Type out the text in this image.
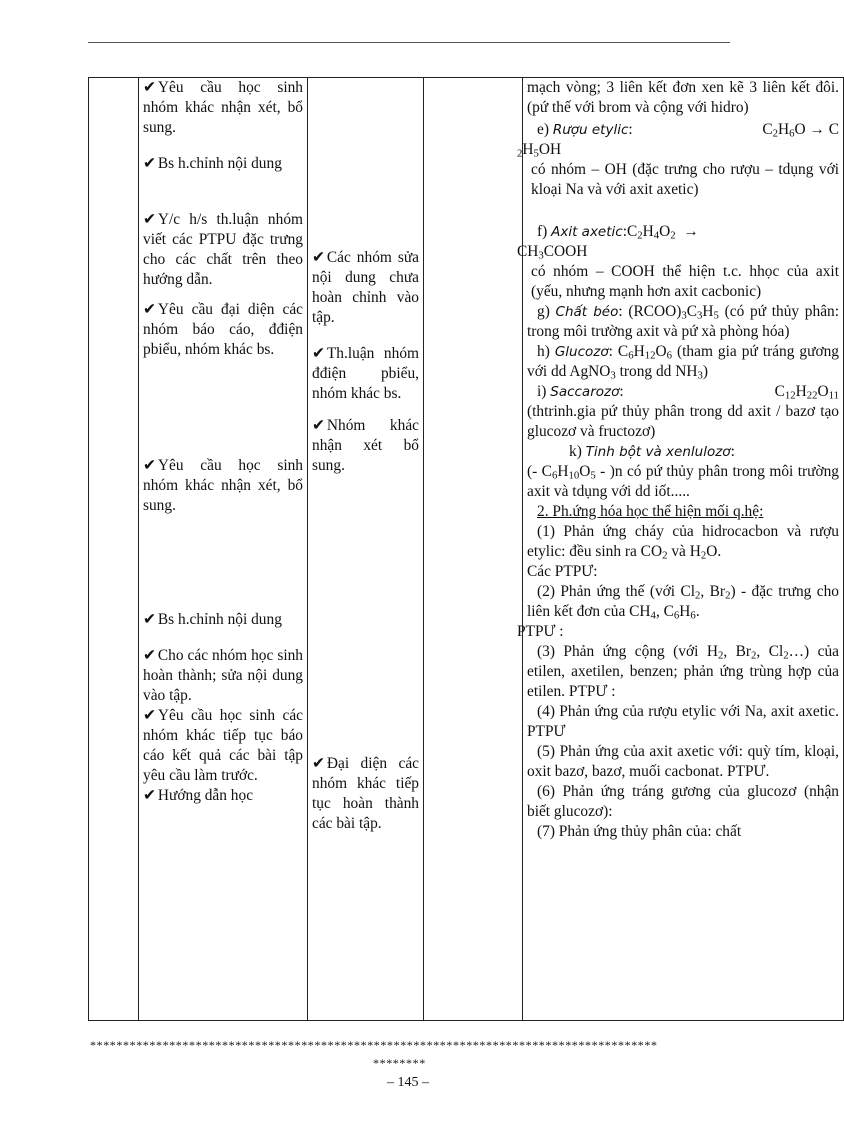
✔ Yêu cầu học sinh nhóm khác nhận xét, bổ sung.
✔ Bs h.chỉnh nội dung
✔ Y/c h/s th.luận nhóm viết các PTPU đặc trưng cho các chất trên theo hướng dẫn.
✔ Yêu cầu đại diện các nhóm báo cáo, đđiện pbiểu, nhóm khác bs.
✔ Yêu cầu học sinh nhóm khác nhận xét, bổ sung.
✔ Bs h.chỉnh nội dung
✔ Cho các nhóm học sinh hoàn thành; sửa nội dung vào tập.
✔ Yêu cầu học sinh các nhóm khác tiếp tục báo cáo kết quả các bài tập yêu cầu làm trước.
✔ Hướng dẫn học

✔ Các nhóm sửa nội dung chưa hoàn chỉnh vào tập.
✔ Th.luận nhóm đđiện pbiểu, nhóm khác bs.
✔ Nhóm khác nhận xét bổ sung.
✔ Đại diện các nhóm khác tiếp tục hoàn thành các bài tập.

mạch vòng; 3 liên kết đơn xen kẽ 3 liên kết đôi. (pứ thế với brom và cộng với hidro)
e) Rượu etylic:	$C_2H_6O \to C$

$_2H_5OH$
có nhóm – OH (đặc trưng cho rượu – tdụng với kloại Na và với axit axetic)
f) Axit $axetic:C_2H_4O_2$  →
$CH_3COOH$
có nhóm – COOH thể hiện t.c. hhọc của axit (yếu, nhưng mạnh hơn axit cacbonic)
g) Chất béo: $(RCOO)_3C_3H_5$ (có pứ thủy phân: trong môi trường axit và pứ xà phòng hóa)
h) Glucozơ: $C_6H_{12}O_6$ (tham gia pứ tráng gương với dd AgNO$_3$ trong dd $NH_3$)
i) Saccarozơ:	$C_{12}H_{22}O_{11}$
(thtrinh.gia pứ thủy phân trong dd axit / bazơ tạo glucozơ và fructozơ)
k) Tinh bột và xenlulozơ:
(- $C_6H_{10}O_5 - )n$ có pứ thủy phân trong môi trường axit và tdụng với dd iốt.....
2. Ph.ứng hóa học thể hiện mối q.hệ:
(1) Phản ứng cháy của hidrocacbon và rượu etylic: đều sinh ra $CO_2$ và $H_2O$.
Các PTPƯ:
(2) Phản ứng thế (với $Cl_2$, $Br_2$) - đặc trưng cho liên kết đơn của $CH_4$, $C_6H_6$.
PTPƯ :
(3) Phản ứng cộng (với $H_2$, $Br_2$, $Cl_2\dots$) của etilen, axetilen, benzen; phản ứng trùng hợp của etilen. PTPƯ :
(4) Phản ứng của rượu etylic với Na, axit axetic. PTPƯ
(5) Phản ứng của axit axetic với: quỳ tím, kloại, oxit bazơ, bazơ, muối cacbonat. PTPƯ.
(6) Phản ứng tráng gương của glucozơ (nhận biết glucozơ):
(7) Phản ứng thủy phân của: chất
**************************************************************************************
********
– 145 –
